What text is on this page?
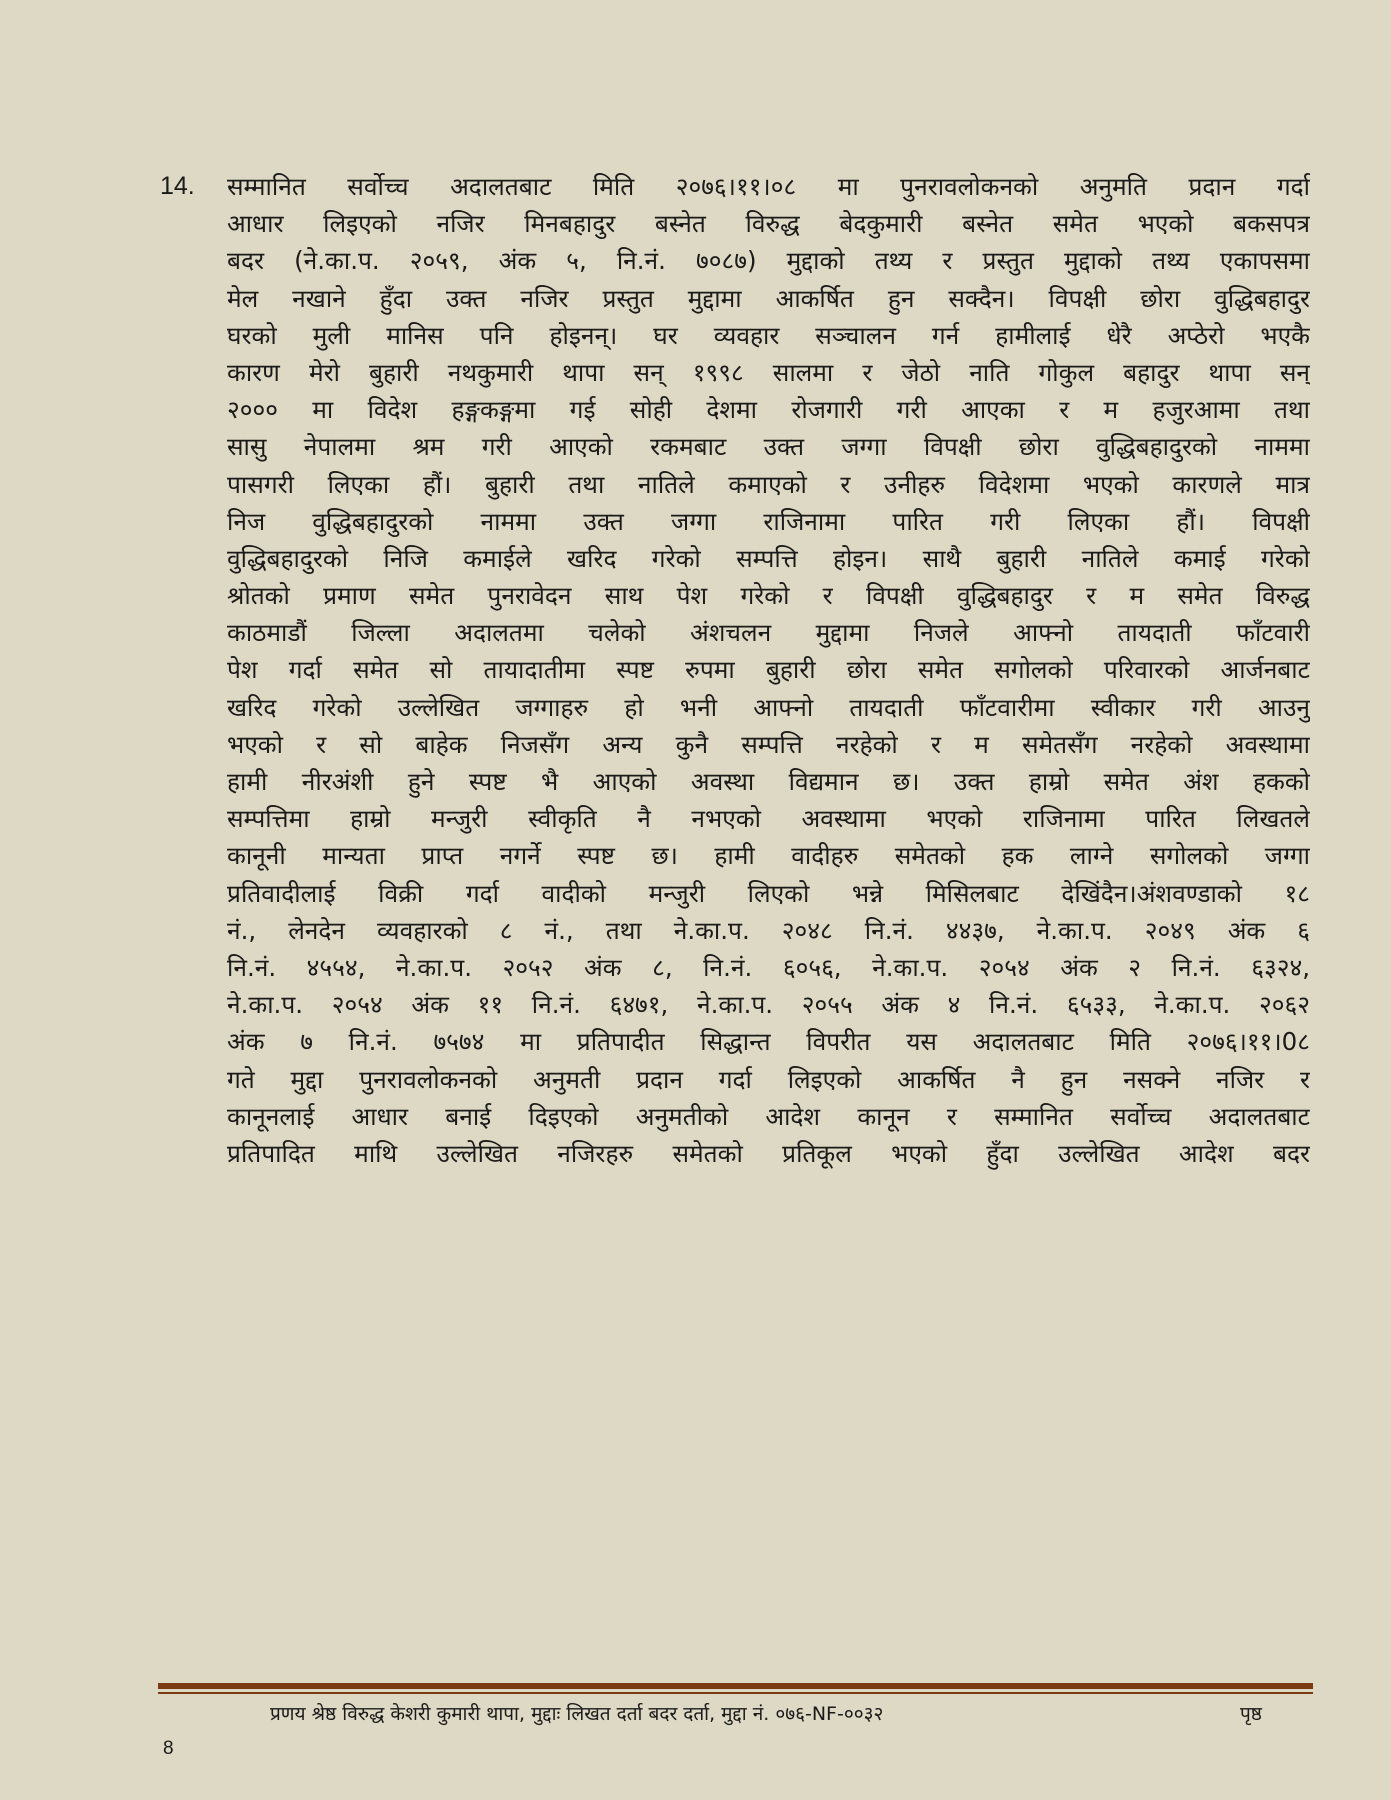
14. सम्मानित सर्वोच्च अदालतबाट मिति २०७६।११।०८ मा पुनरावलोकनको अनुमति प्रदान गर्दा
आधार लिइएको नजिर मिनबहादुर बस्नेत विरुद्ध बेदकुमारी बस्नेत समेत भएको बकसपत्र
बदर (ने.का.प. २०५९, अंक ५, नि.नं. ७०८७) मुद्दाको तथ्य र प्रस्तुत मुद्दाको तथ्य एकापसमा
मेल नखाने हुँदा उक्त नजिर प्रस्तुत मुद्दामा आकर्षित हुन सक्दैन। विपक्षी छोरा वुद्धिबहादुर
घरको मुली मानिस पनि होइनन्। घर व्यवहार सञ्चालन गर्न हामीलाई धेरै अप्ठेरो भएकै
कारण मेरो बुहारी नथकुमारी थापा सन् १९९८ सालमा र जेठो नाति गोकुल बहादुर थापा सन्
२००० मा विदेश हङ्गकङ्गमा गई सोही देशमा रोजगारी गरी आएका र म हजुरआमा तथा
सासु नेपालमा श्रम गरी आएको रकमबाट उक्त जग्गा विपक्षी छोरा वुद्धिबहादुरको नाममा
पासगरी लिएका हौं। बुहारी तथा नातिले कमाएको र उनीहरु विदेशमा भएको कारणले मात्र
निज वुद्धिबहादुरको नाममा उक्त जग्गा राजिनामा पारित गरी लिएका हौं। विपक्षी
वुद्धिबहादुरको निजि कमाईले खरिद गरेको सम्पत्ति होइन। साथै बुहारी नातिले कमाई गरेको
श्रोतको प्रमाण समेत पुनरावेदन साथ पेश गरेको र विपक्षी वुद्धिबहादुर र म समेत विरुद्ध
काठमाडौं जिल्ला अदालतमा चलेको अंशचलन मुद्दामा निजले आफ्नो तायदाती फाँटवारी
पेश गर्दा समेत सो तायादातीमा स्पष्ट रुपमा बुहारी छोरा समेत सगोलको परिवारको आर्जनबाट
खरिद गरेको उल्लेखित जग्गाहरु हो भनी आफ्नो तायदाती फाँटवारीमा स्वीकार गरी आउनु
भएको र सो बाहेक निजसँग अन्य कुनै सम्पत्ति नरहेको र म समेतसँग नरहेको अवस्थामा
हामी नीरअंशी हुने स्पष्ट भै आएको अवस्था विद्यमान छ। उक्त हाम्रो समेत अंश हकको
सम्पत्तिमा हाम्रो मन्जुरी स्वीकृति नै नभएको अवस्थामा भएको राजिनामा पारित लिखतले
कानूनी मान्यता प्राप्त नगर्ने स्पष्ट छ। हामी वादीहरु समेतको हक लाग्ने सगोलको जग्गा
प्रतिवादीलाई विक्री गर्दा वादीको मन्जुरी लिएको भन्ने मिसिलबाट देखिंदैन।अंशवण्डाको १८
नं., लेनदेन व्यवहारको ८ नं., तथा ने.का.प. २०४८ नि.नं. ४४३७, ने.का.प. २०४९ अंक ६
नि.नं. ४५५४, ने.का.प. २०५२ अंक ८, नि.नं. ६०५६, ने.का.प. २०५४ अंक २ नि.नं. ६३२४,
ने.का.प. २०५४ अंक ११ नि.नं. ६४७१, ने.का.प. २०५५ अंक ४ नि.नं. ६५३३, ने.का.प. २०६२
अंक ७ नि.नं. ७५७४ मा प्रतिपादीत सिद्धान्त विपरीत यस अदालतबाट मिति २०७६।११।0८
गते मुद्दा पुनरावलोकनको अनुमती प्रदान गर्दा लिइएको आकर्षित नै हुन नसक्ने नजिर र
कानूनलाई आधार बनाई दिइएको अनुमतीको आदेश कानून र सम्मानित सर्वोच्च अदालतबाट
प्रतिपादित माथि उल्लेखित नजिरहरु समेतको प्रतिकूल भएको हुँदा उल्लेखित आदेश बदर
प्रणय श्रेष्ठ विरुद्ध केशरी कुमारी थापा, मुद्दाः लिखत दर्ता बदर दर्ता, मुद्दा नं. ०७६-NF-००३२	पृष्ठ
8
